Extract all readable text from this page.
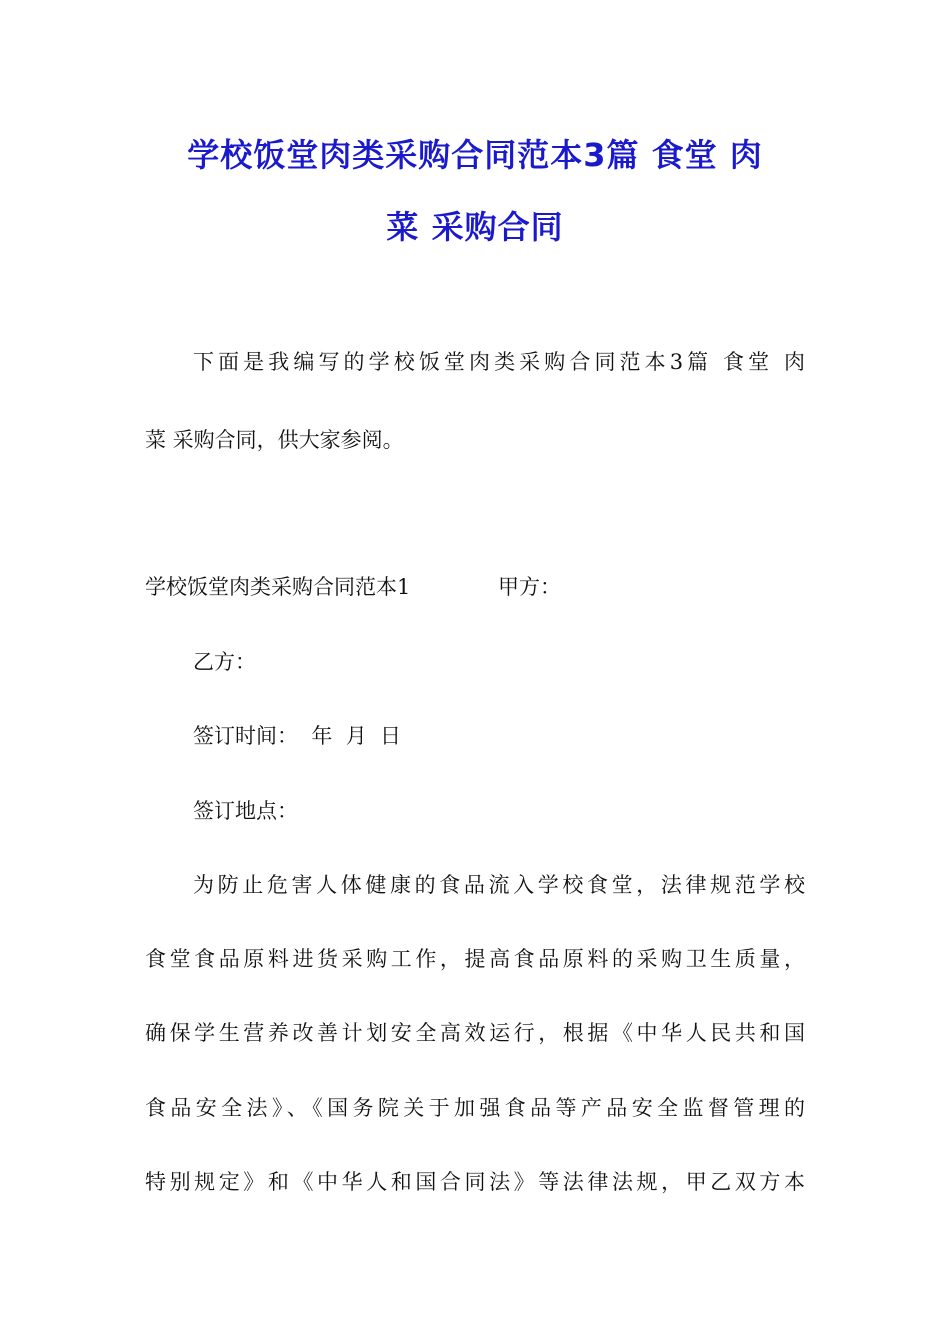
学校饭堂肉类采购合同范本3篇 食堂 肉
菜 采购合同
下面是我编写的学校饭堂肉类采购合同范本3篇 食堂 肉
菜 采购合同，供大家参阅。
学校饭堂肉类采购合同范本1	甲方：
乙方：
签订时间：  年  月  日
签订地点：
为防止危害人体健康的食品流入学校食堂，法律规范学校
食堂食品原料进货采购工作，提高食品原料的采购卫生质量，
确保学生营养改善计划安全高效运行，根据《中华人民共和国
食品安全法》、《国务院关于加强食品等产品安全监督管理的
特别规定》和《中华人和国合同法》等法律法规，甲乙双方本
